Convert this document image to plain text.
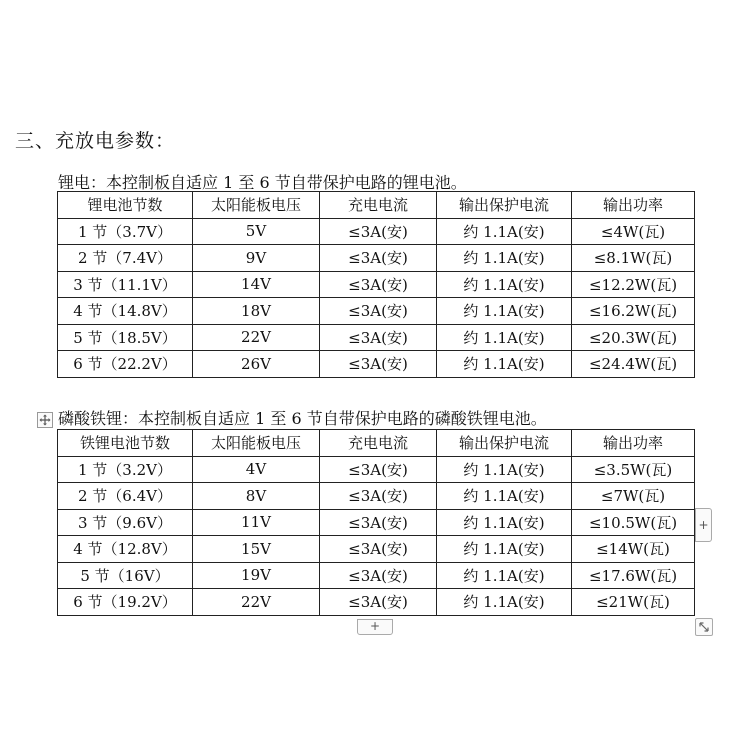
三、充放电参数：
锂电：本控制板自适应 1 至 6 节自带保护电路的锂电池。
锂电池节数	太阳能板电压	充电电流	输出保护电流	输出功率
1 节（3.7V）	5V	≤3A(安)	约 1.1A(安)	≤4W(瓦)
2 节（7.4V）	9V	≤3A(安)	约 1.1A(安)	≤8.1W(瓦)
3 节（11.1V）	14V	≤3A(安)	约 1.1A(安)	≤12.2W(瓦)
4 节（14.8V）	18V	≤3A(安)	约 1.1A(安)	≤16.2W(瓦)
5 节（18.5V）	22V	≤3A(安)	约 1.1A(安)	≤20.3W(瓦)
6 节（22.2V）	26V	≤3A(安)	约 1.1A(安)	≤24.4W(瓦)
磷酸铁锂：本控制板自适应 1 至 6 节自带保护电路的磷酸铁锂电池。
铁锂电池节数	太阳能板电压	充电电流	输出保护电流	输出功率
1 节（3.2V）	4V	≤3A(安)	约 1.1A(安)	≤3.5W(瓦)
2 节（6.4V）	8V	≤3A(安)	约 1.1A(安)	≤7W(瓦)
3 节（9.6V）	11V	≤3A(安)	约 1.1A(安)	≤10.5W(瓦)
4 节（12.8V）	15V	≤3A(安)	约 1.1A(安)	≤14W(瓦)
5 节（16V）	19V	≤3A(安)	约 1.1A(安)	≤17.6W(瓦)
6 节（19.2V）	22V	≤3A(安)	约 1.1A(安)	≤21W(瓦)
+
+
